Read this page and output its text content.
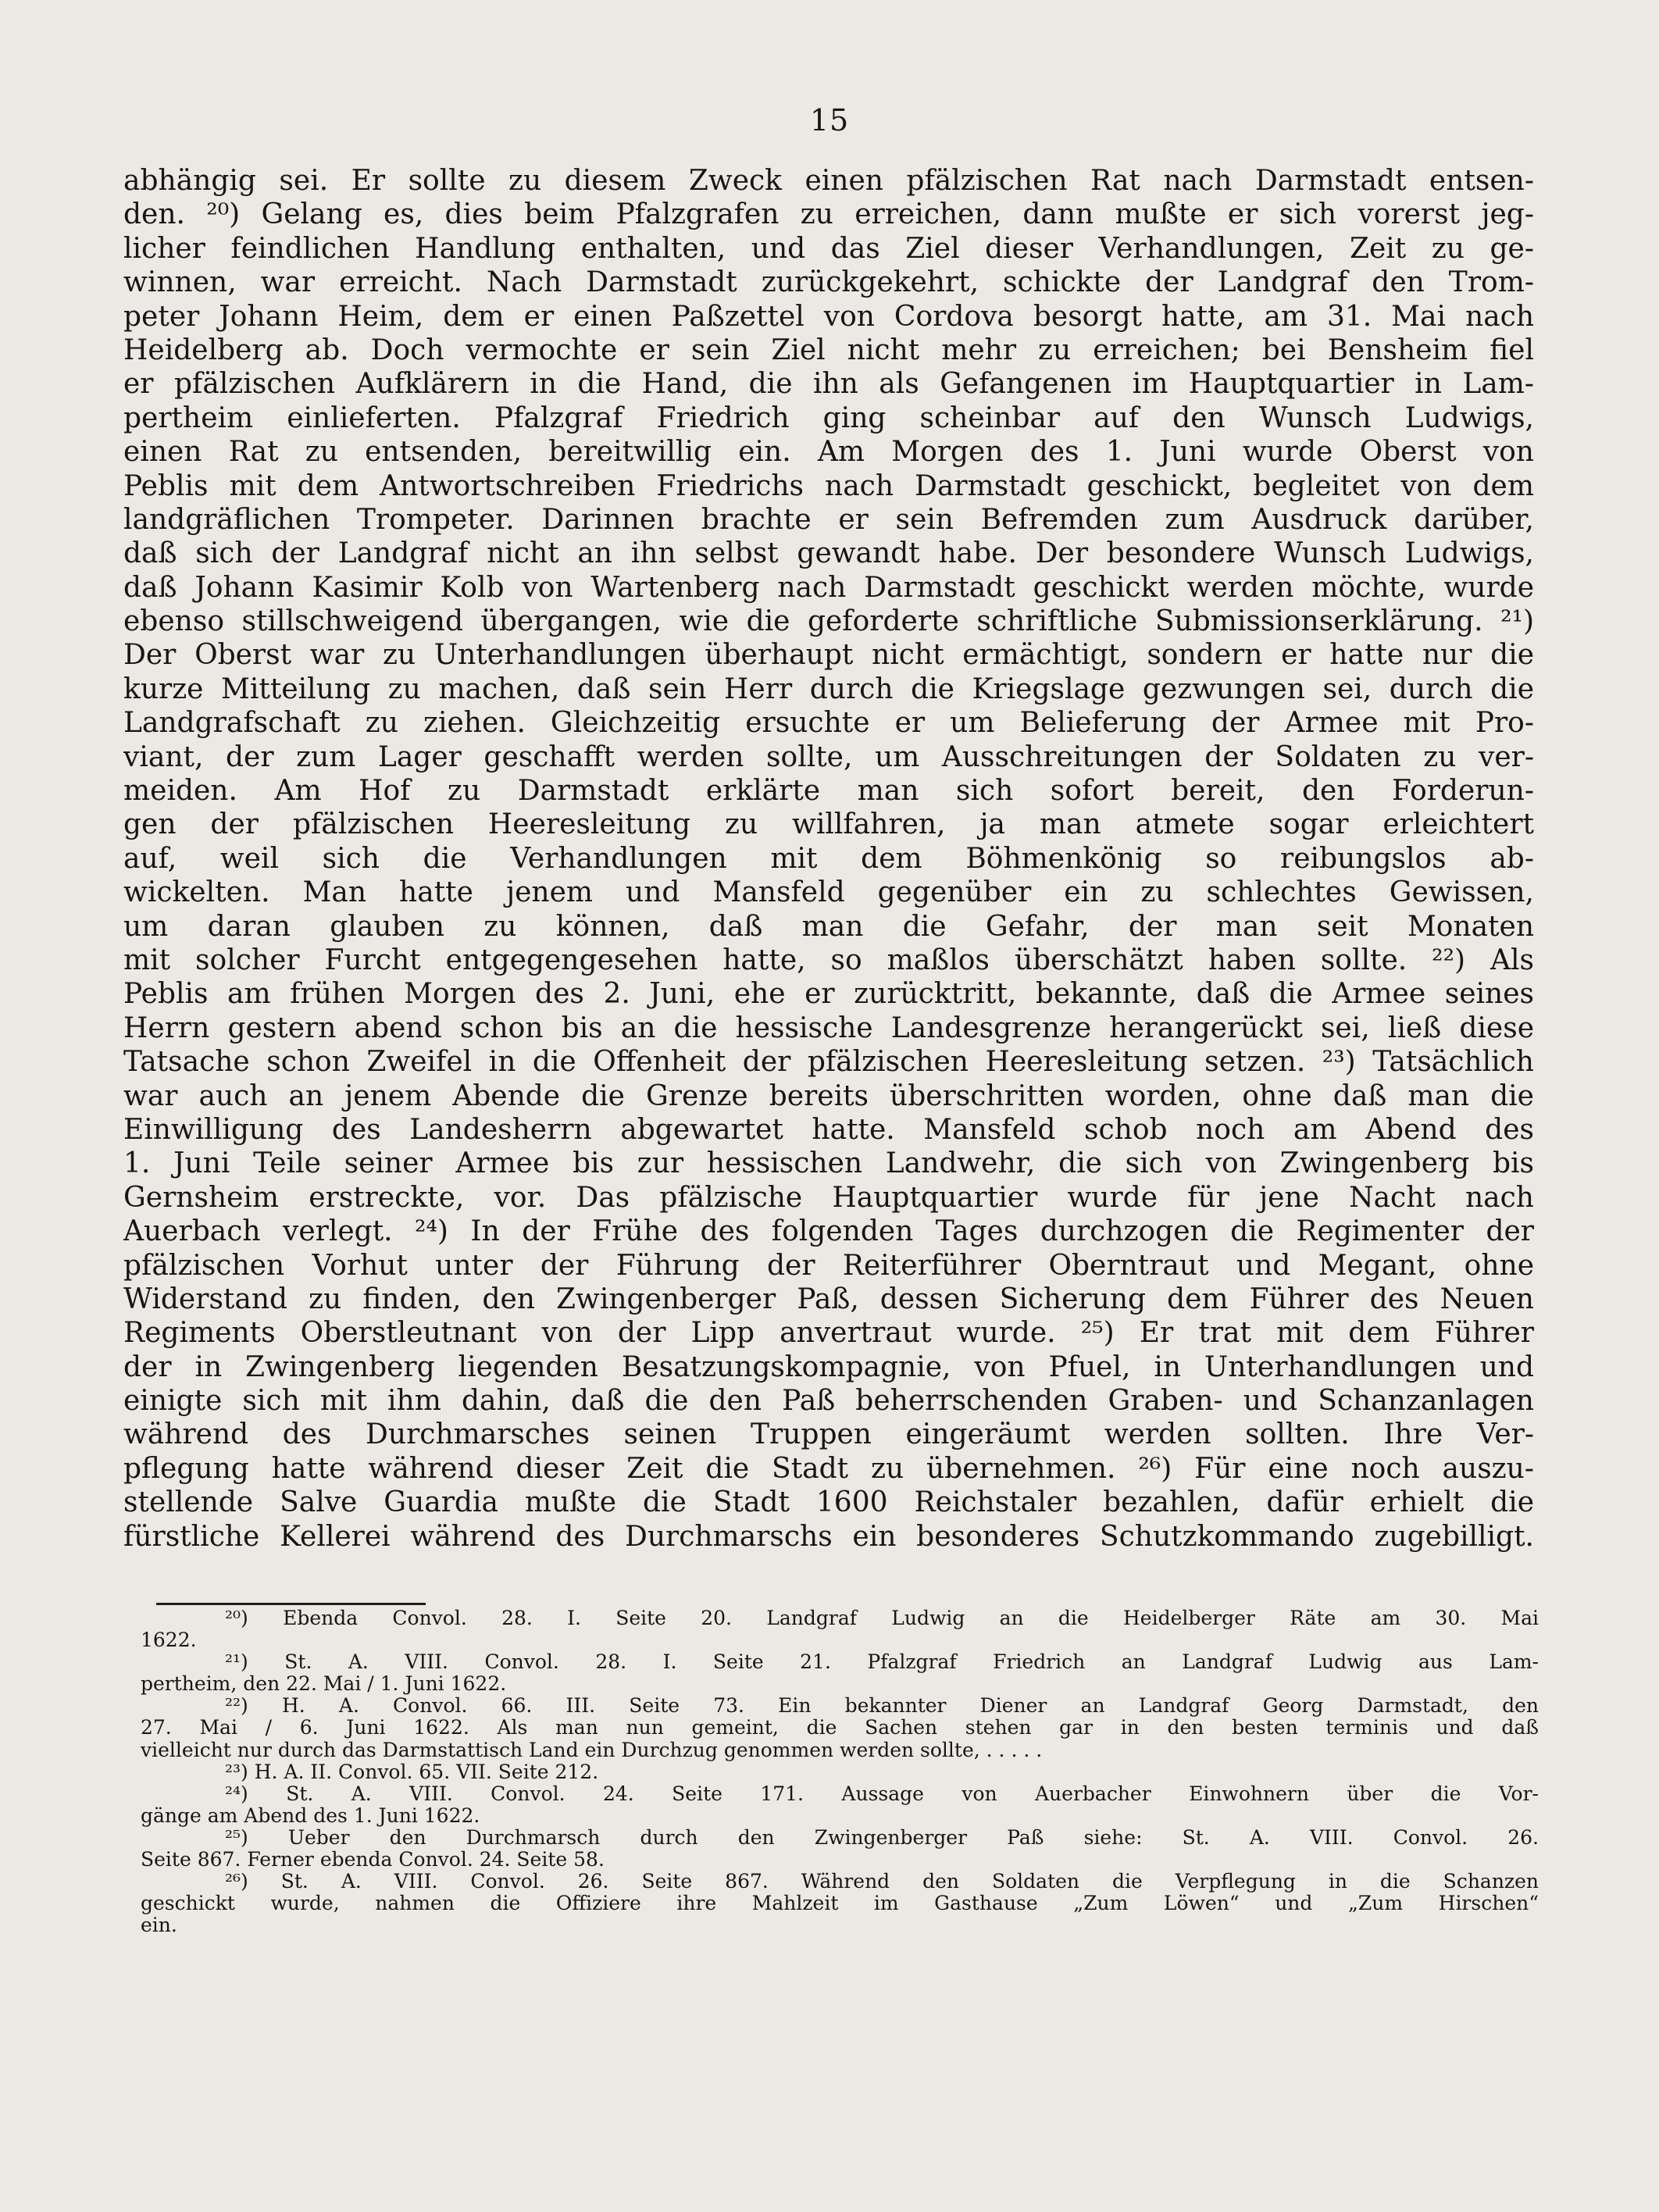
15
abhängig sei. Er sollte zu diesem Zweck einen pfälzischen Rat nach Darmstadt entsen-
den. ²⁰) Gelang es, dies beim Pfalzgrafen zu erreichen, dann mußte er sich vorerst jeg-
licher feindlichen Handlung enthalten, und das Ziel dieser Verhandlungen, Zeit zu ge-
winnen, war erreicht. Nach Darmstadt zurückgekehrt, schickte der Landgraf den Trom-
peter Johann Heim, dem er einen Paßzettel von Cordova besorgt hatte, am 31. Mai nach
Heidelberg ab. Doch vermochte er sein Ziel nicht mehr zu erreichen; bei Bensheim fiel
er pfälzischen Aufklärern in die Hand, die ihn als Gefangenen im Hauptquartier in Lam-
pertheim einlieferten. Pfalzgraf Friedrich ging scheinbar auf den Wunsch Ludwigs,
einen Rat zu entsenden, bereitwillig ein. Am Morgen des 1. Juni wurde Oberst von
Peblis mit dem Antwortschreiben Friedrichs nach Darmstadt geschickt, begleitet von dem
landgräflichen Trompeter. Darinnen brachte er sein Befremden zum Ausdruck darüber,
daß sich der Landgraf nicht an ihn selbst gewandt habe. Der besondere Wunsch Ludwigs,
daß Johann Kasimir Kolb von Wartenberg nach Darmstadt geschickt werden möchte, wurde
ebenso stillschweigend übergangen, wie die geforderte schriftliche Submissionserklärung. ²¹)
Der Oberst war zu Unterhandlungen überhaupt nicht ermächtigt, sondern er hatte nur die
kurze Mitteilung zu machen, daß sein Herr durch die Kriegslage gezwungen sei, durch die
Landgrafschaft zu ziehen. Gleichzeitig ersuchte er um Belieferung der Armee mit Pro-
viant, der zum Lager geschafft werden sollte, um Ausschreitungen der Soldaten zu ver-
meiden. Am Hof zu Darmstadt erklärte man sich sofort bereit, den Forderun-
gen der pfälzischen Heeresleitung zu willfahren, ja man atmete sogar erleichtert
auf, weil sich die Verhandlungen mit dem Böhmenkönig so reibungslos ab-
wickelten. Man hatte jenem und Mansfeld gegenüber ein zu schlechtes Gewissen,
um daran glauben zu können, daß man die Gefahr, der man seit Monaten
mit solcher Furcht entgegengesehen hatte, so maßlos überschätzt haben sollte. ²²) Als
Peblis am frühen Morgen des 2. Juni, ehe er zurücktritt, bekannte, daß die Armee seines
Herrn gestern abend schon bis an die hessische Landesgrenze herangerückt sei, ließ diese
Tatsache schon Zweifel in die Offenheit der pfälzischen Heeresleitung setzen. ²³) Tatsächlich
war auch an jenem Abende die Grenze bereits überschritten worden, ohne daß man die
Einwilligung des Landesherrn abgewartet hatte. Mansfeld schob noch am Abend des
1. Juni Teile seiner Armee bis zur hessischen Landwehr, die sich von Zwingenberg bis
Gernsheim erstreckte, vor. Das pfälzische Hauptquartier wurde für jene Nacht nach
Auerbach verlegt. ²⁴) In der Frühe des folgenden Tages durchzogen die Regimenter der
pfälzischen Vorhut unter der Führung der Reiterführer Oberntraut und Megant, ohne
Widerstand zu finden, den Zwingenberger Paß, dessen Sicherung dem Führer des Neuen
Regiments Oberstleutnant von der Lipp anvertraut wurde. ²⁵) Er trat mit dem Führer
der in Zwingenberg liegenden Besatzungskompagnie, von Pfuel, in Unterhandlungen und
einigte sich mit ihm dahin, daß die den Paß beherrschenden Graben- und Schanzanlagen
während des Durchmarsches seinen Truppen eingeräumt werden sollten. Ihre Ver-
pflegung hatte während dieser Zeit die Stadt zu übernehmen. ²⁶) Für eine noch auszu-
stellende Salve Guardia mußte die Stadt 1600 Reichstaler bezahlen, dafür erhielt die
fürstliche Kellerei während des Durchmarschs ein besonderes Schutzkommando zugebilligt.
²⁰) Ebenda Convol. 28. I. Seite 20. Landgraf Ludwig an die Heidelberger Räte am 30. Mai
1622.
²¹) St. A. VIII. Convol. 28. I. Seite 21. Pfalzgraf Friedrich an Landgraf Ludwig aus Lam-
pertheim, den 22. Mai / 1. Juni 1622.
²²) H. A. Convol. 66. III. Seite 73. Ein bekannter Diener an Landgraf Georg Darmstadt, den
27. Mai / 6. Juni 1622. Als man nun gemeint, die Sachen stehen gar in den besten terminis und daß
vielleicht nur durch das Darmstattisch Land ein Durchzug genommen werden sollte, . . . . .
²³) H. A. II. Convol. 65. VII. Seite 212.
²⁴) St. A. VIII. Convol. 24. Seite 171. Aussage von Auerbacher Einwohnern über die Vor-
gänge am Abend des 1. Juni 1622.
²⁵) Ueber den Durchmarsch durch den Zwingenberger Paß siehe: St. A. VIII. Convol. 26.
Seite 867. Ferner ebenda Convol. 24. Seite 58.
²⁶) St. A. VIII. Convol. 26. Seite 867. Während den Soldaten die Verpflegung in die Schanzen
geschickt wurde, nahmen die Offiziere ihre Mahlzeit im Gasthause „Zum Löwen“ und „Zum Hirschen“
ein.
